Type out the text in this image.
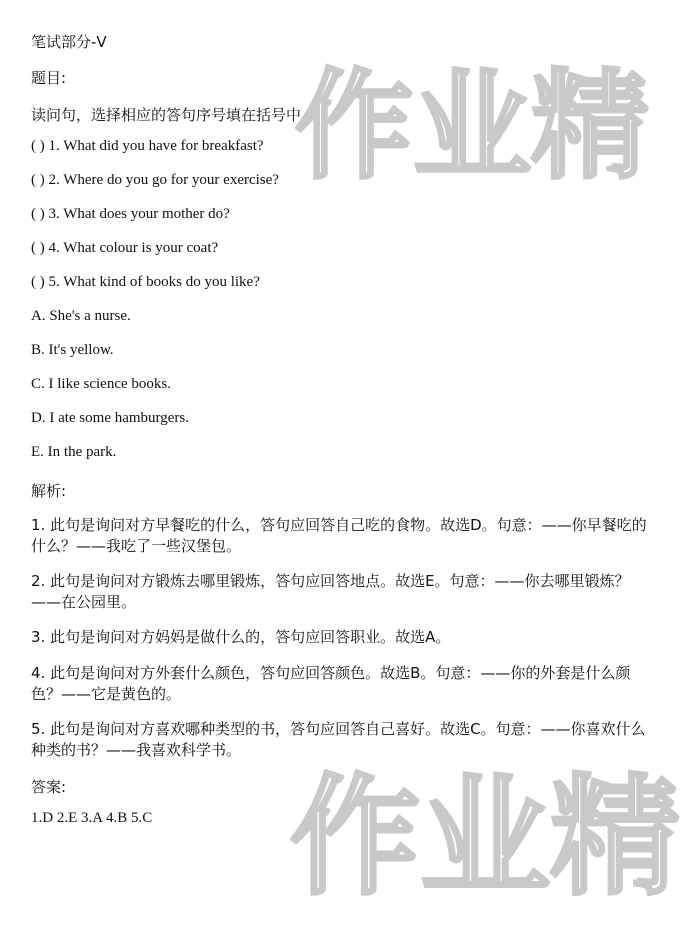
笔试部分-V

题目:

读问句，选择相应的答句序号填在括号中。

( ) 1. What did you have for breakfast?

( ) 2. Where do you go for your exercise?

( ) 3. What does your mother do?

( ) 4. What colour is your coat?

( ) 5. What kind of books do you like?

A. She's a nurse.

B. It's yellow.

C. I like science books.

D. I ate some hamburgers.

E. In the park.

解析:

1. 此句是询问对方早餐吃的什么，答句应回答自己吃的食物。故选D。句意：——你早餐吃的什么？——我吃了一些汉堡包。

2. 此句是询问对方锻炼去哪里锻炼，答句应回答地点。故选E。句意：——你去哪里锻炼？——在公园里。

3. 此句是询问对方妈妈是做什么的，答句应回答职业。故选A。

4. 此句是询问对方外套什么颜色，答句应回答颜色。故选B。句意：——你的外套是什么颜色？——它是黄色的。

5. 此句是询问对方喜欢哪种类型的书，答句应回答自己喜好。故选C。句意：——你喜欢什么种类的书？——我喜欢科学书。

答案:

1.D 2.E 3.A 4.B 5.C

作业精
作业精
